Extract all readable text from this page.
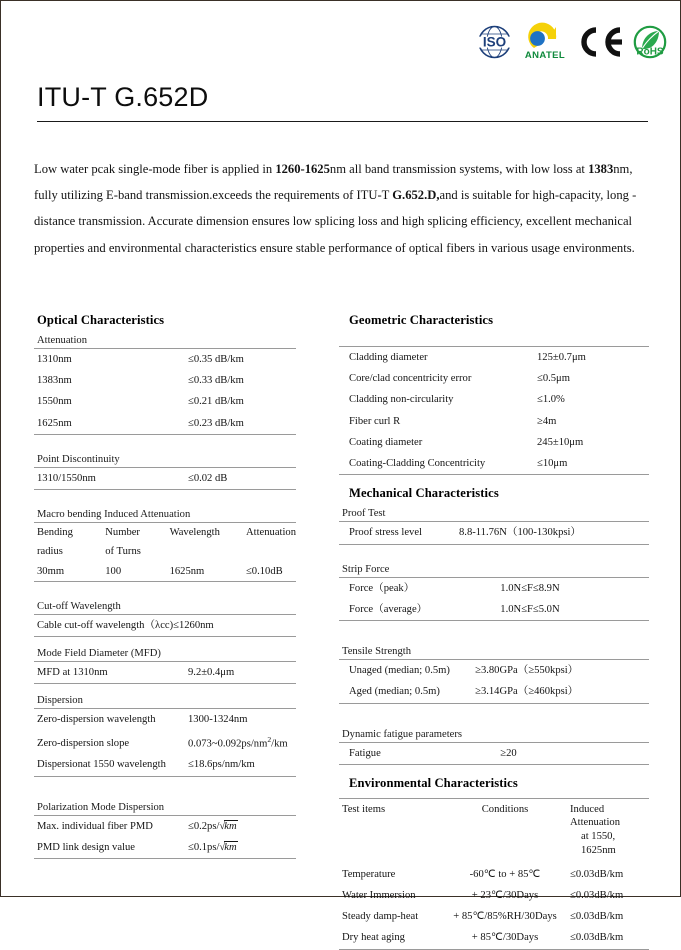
ISO
ANATEL	RoHS
ITU-T G.652D
Low water pcak single-mode fiber is applied in 1260-1625nm all band transmission systems, with low loss at 1383nm, fully utilizing E-band transmission.exceeds the requirements of ITU-T G.652.D,and is suitable for high-capacity, long - distance transmission. Accurate dimension ensures low splicing loss and high splicing efficiency, excellent mechanical properties and environmental characteristics ensure stable performance of optical fibers in various usage environments.
Optical Characteristics
Attenuation
1310nm	≤0.35 dB/km
1383nm	≤0.33 dB/km
1550nm	≤0.21 dB/km
1625nm	≤0.23 dB/km
Point Discontinuity
1310/1550nm	≤0.02 dB
Macro bending Induced Attenuation
Bending	Number	Wavelength	Attenuation
radius	of Turns		
30mm	100	1625nm	≤0.10dB
Cut-off Wavelength
Cable cut-off wavelength（λcc)≤1260nm
Mode Field Diameter (MFD)
MFD at 1310nm	9.2±0.4μm
Dispersion
Zero-dispersion wavelength	1300-1324nm
Zero-dispersion slope	$0.073\sim 0.092ps/nm^2/km$
Dispersionat 1550 wavelength	≤18.6ps/nm/km
Polarization Mode Dispersion
Max. individual fiber PMD	≤0.2ps/√km
PMD link design value	≤0.1ps/√km
Geometric Characteristics
Cladding diameter	125±0.7μm
Core/clad concentricity error	≤0.5μm
Cladding non-circularity	≤1.0%
Fiber curl R	≥4m
Coating diameter	245±10μm
Coating-Cladding Concentricity	≤10μm
Mechanical Characteristics
Proof Test
Proof stress level	8.8-11.76N（100-130kpsi）
Strip Force
Force（peak）	1.0N≤F≤8.9N
Force（average）	1.0N≤F≤5.0N
Tensile Strength
Unaged (median; 0.5m)	≥3.80GPa（≥550kpsi）
Aged (median; 0.5m)	≥3.14GPa（≥460kpsi）
Dynamic fatigue parameters
Fatigue	≥20
Environmental Characteristics
Test items	Conditions	Induced Attenuation
		at 1550, 1625nm
Temperature	-60℃ to + 85℃	≤0.03dB/km
Water Immersion	+ 23℃/30Days	≤0.03dB/km
Steady damp-heat	+ 85℃/85%RH/30Days	≤0.03dB/km
Dry heat aging	+ 85℃/30Days	≤0.03dB/km
